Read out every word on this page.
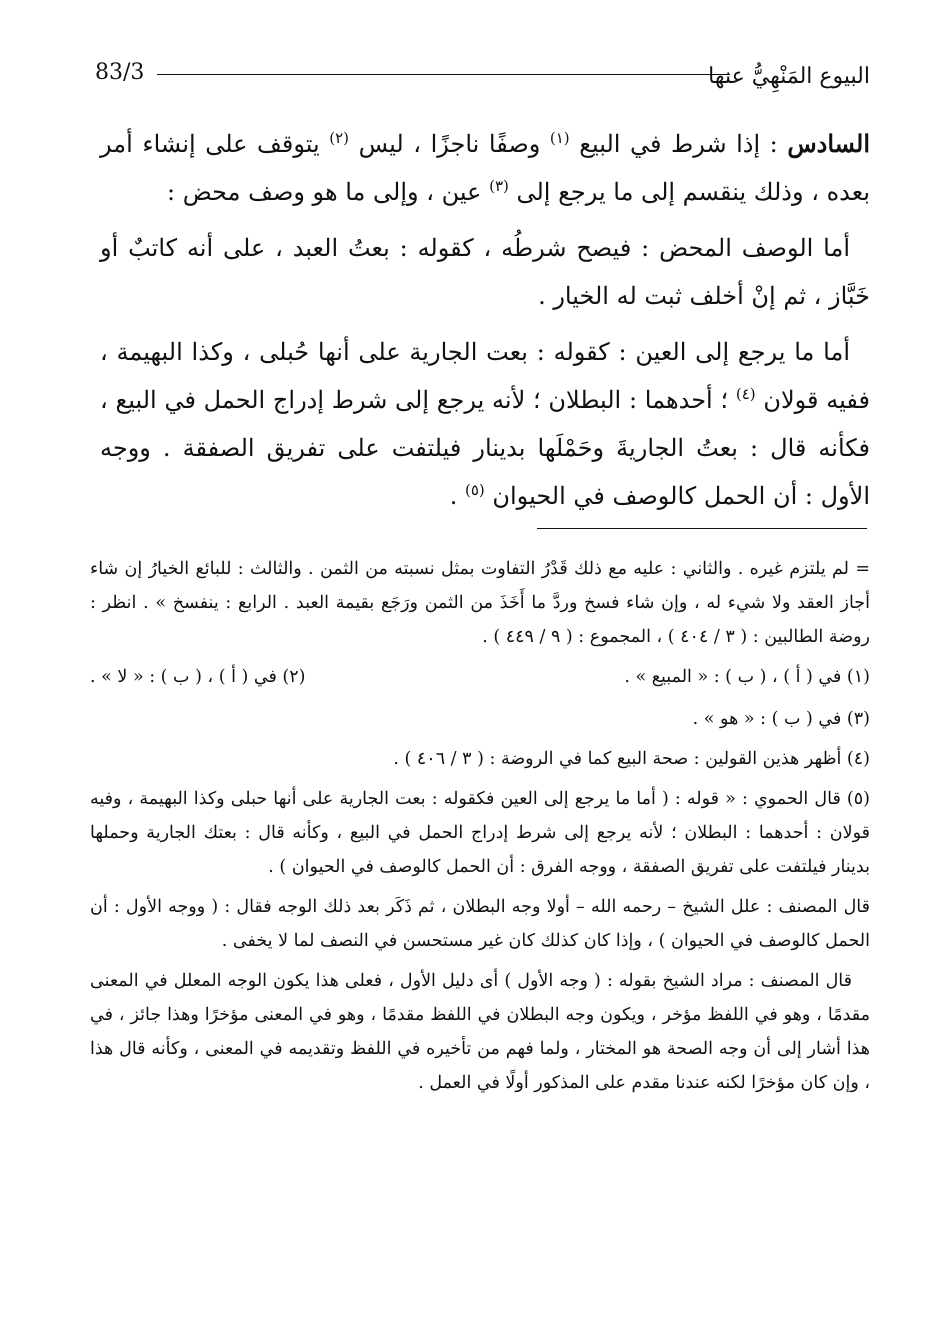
83/3	البيوع المَنْهِيُّ عنها

السادس : إذا شرط في البيع $^{(١)}$ وصفًا ناجزًا ، ليس $^{(٢)}$ يتوقف على إنشاء أمر بعده ، وذلك ينقسم إلى ما يرجع إلى $^{(٣)}$ عين ، وإلى ما هو وصف محض :

أما الوصف المحض : فيصح شرطُه ، كقوله : بعتُ العبد ، على أنه كاتبٌ أو خَبَّاز ، ثم إنْ أخلف ثبت له الخيار .

أما ما يرجع إلى العين : كقوله : بعت الجارية على أنها حُبلى ، وكذا البهيمة ، ففيه قولان $^{(٤)}$ ؛ أحدهما : البطلان ؛ لأنه يرجع إلى شرط إدراج الحمل في البيع ، فكأنه قال : بعتُ الجاريةَ وحَمْلَها بدينار فيلتفت على تفريق الصفقة . ووجه الأول : أن الحمل كالوصف في الحيوان $^{(٥)}$ .

= لم يلتزم غيره . والثاني : عليه مع ذلك قَدْرُ التفاوت بمثل نسبته من الثمن . والثالث : للبائع الخيارُ إن شاء أجاز العقد ولا شيء له ، وإن شاء فسخ وردَّ ما أَخَذَ من الثمن ورَجَع بقيمة العبد . الرابع : ينفسخ » . انظر : روضة الطالبين : ( ٣ / ٤٠٤ ) ، المجموع : ( ٩ / ٤٤٩ ) .

(١) في ( أ ) ، ( ب ) : « المبيع » .
(٢) في ( أ ) ، ( ب ) : « لا » .

(٣) في ( ب ) : « هو » .

(٤) أظهر هذين القولين : صحة البيع كما في الروضة : ( ٣ / ٤٠٦ ) .

(٥) قال الحموي : « قوله : ( أما ما يرجع إلى العين فكقوله : بعت الجارية على أنها حبلى وكذا البهيمة ، وفيه قولان : أحدهما : البطلان ؛ لأنه يرجع إلى شرط إدراج الحمل في البيع ، وكأنه قال : بعتك الجارية وحملها بدينار فيلتفت على تفريق الصفقة ، ووجه الفرق : أن الحمل كالوصف في الحيوان ) .

قال المصنف : علل الشيخ – رحمه الله – أولا وجه البطلان ، ثم ذَكَر بعد ذلك الوجه فقال : ( ووجه الأول : أن الحمل كالوصف في الحيوان ) ، وإذا كان كذلك كان غير مستحسن في النصف لما لا يخفى .

قال المصنف : مراد الشيخ بقوله : ( وجه الأول ) أى دليل الأول ، فعلى هذا يكون الوجه المعلل في المعنى مقدمًا ، وهو في اللفظ مؤخر ، ويكون وجه البطلان في اللفظ مقدمًا ، وهو في المعنى مؤخرًا وهذا جائز ، في هذا أشار إلى أن وجه الصحة هو المختار ، ولما فهم من تأخيره في اللفظ وتقديمه في المعنى ، وكأنه قال هذا ، وإن كان مؤخرًا لكنه عندنا مقدم على المذكور أولًا في العمل .
